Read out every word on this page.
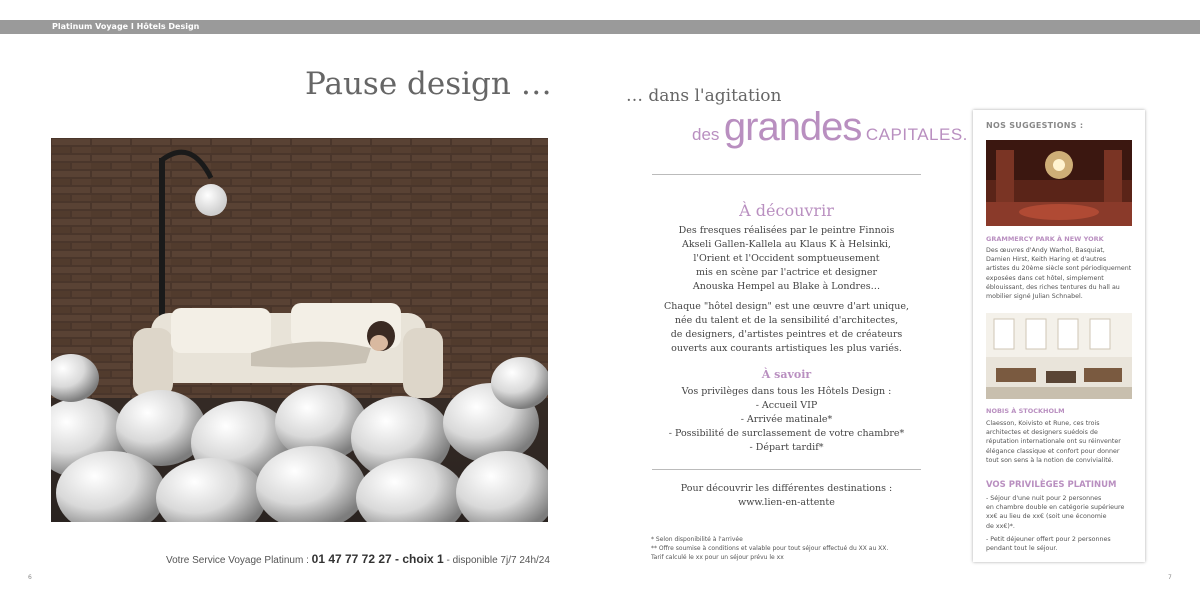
Platinum Voyage I Hôtels Design
Pause design …	… dans l'agitation
des grandes CAPITALES.
Votre Service Voyage Platinum : 01 47 77 72 27 - choix 1 - disponible 7j/7 24h/24
6	7
À découvrir
Des fresques réalisées par le peintre Finnois
Akseli Gallen-Kallela au Klaus K à Helsinki,
l'Orient et l'Occident somptueusement
mis en scène par l'actrice et designer
Anouska Hempel au Blake à Londres…
Chaque "hôtel design" est une œuvre d'art unique,
née du talent et de la sensibilité d'architectes,
de designers, d'artistes peintres et de créateurs
ouverts aux courants artistiques les plus variés.
À savoir
Vos privilèges dans tous les Hôtels Design :
- Accueil VIP
- Arrivée matinale*
- Possibilité de surclassement de votre chambre*
- Départ tardif*
Pour découvrir les différentes destinations :
www.lien-en-attente
* Selon disponibilité à l'arrivée
** Offre soumise à conditions et valable pour tout séjour effectué du XX au XX.
Tarif calculé le xx pour un séjour prévu le xx
NOS SUGGESTIONS :
GRAMMERCY PARK À NEW YORK
Des œuvres d'Andy Warhol, Basquiat,
Damien Hirst, Keith Haring et d'autres
artistes du 20ème siècle sont périodiquement
exposées dans cet hôtel, simplement
éblouissant, des riches tentures du hall au
mobilier signé Julian Schnabel.
NOBIS À STOCKHOLM
Claesson, Koivisto et Rune, ces trois
architectes et designers suédois de
réputation internationale ont su réinventer
élégance classique et confort pour donner
tout son sens à la notion de convivialité.
VOS PRIVILÈGES PLATINUM
- Séjour d'une nuit pour 2 personnes
en chambre double en catégorie supérieure
xx€ au lieu de xx€ (soit une économie
de xx€)*.
- Petit déjeuner offert pour 2 personnes
pendant tout le séjour.
